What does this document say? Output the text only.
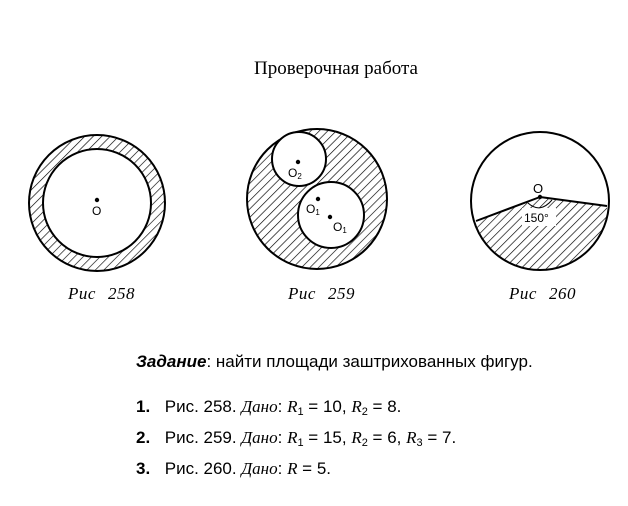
Проверочная работа
O
O2
O1
O1
O
150°
Рис 258	Рис 259	Рис 260
Задание: найти площади заштрихованных фигур.
1. Рис. 258. Дано: $R_1 = 10$, $R_2 = 8$.
2. Рис. 259. Дано: $R_1 = 15$, $R_2 = 6$, $R_3 = 7$.
3. Рис. 260. Дано: R = 5.
